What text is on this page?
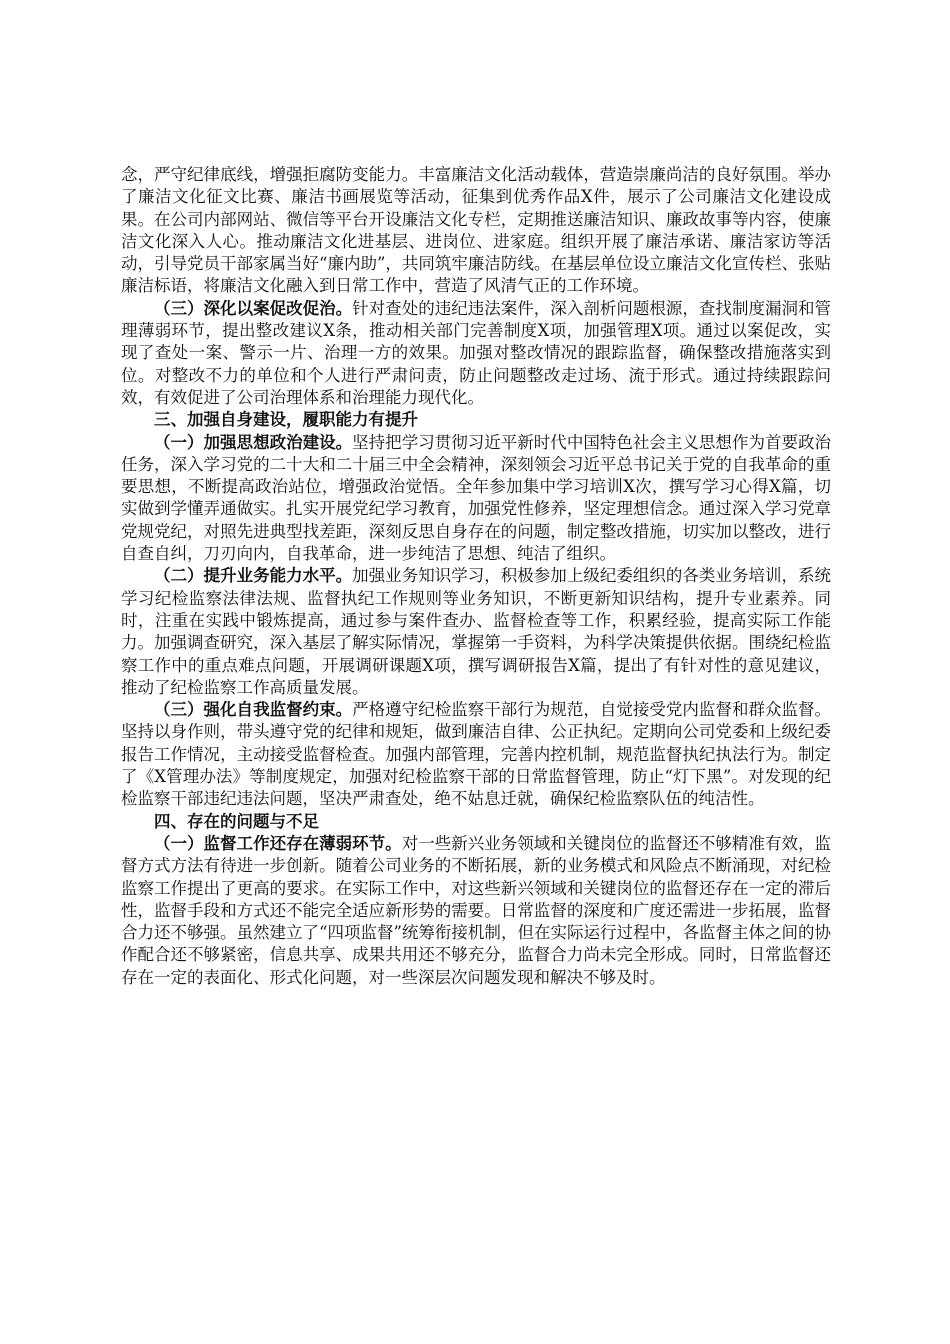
念，严守纪律底线，增强拒腐防变能力。丰富廉洁文化活动载体，营造崇廉尚洁的良好氛围。举办了廉洁文化征文比赛、廉洁书画展览等活动，征集到优秀作品X件，展示了公司廉洁文化建设成果。在公司内部网站、微信等平台开设廉洁文化专栏，定期推送廉洁知识、廉政故事等内容，使廉洁文化深入人心。推动廉洁文化进基层、进岗位、进家庭。组织开展了廉洁承诺、廉洁家访等活动，引导党员干部家属当好“廉内助”，共同筑牢廉洁防线。在基层单位设立廉洁文化宣传栏、张贴廉洁标语，将廉洁文化融入到日常工作中，营造了风清气正的工作环境。

（三）深化以案促改促治。针对查处的违纪违法案件，深入剖析问题根源，查找制度漏洞和管理薄弱环节，提出整改建议X条，推动相关部门完善制度X项，加强管理X项。通过以案促改，实现了查处一案、警示一片、治理一方的效果。加强对整改情况的跟踪监督，确保整改措施落实到位。对整改不力的单位和个人进行严肃问责，防止问题整改走过场、流于形式。通过持续跟踪问效，有效促进了公司治理体系和治理能力现代化。

三、加强自身建设，履职能力有提升

（一）加强思想政治建设。坚持把学习贯彻习近平新时代中国特色社会主义思想作为首要政治任务，深入学习党的二十大和二十届三中全会精神，深刻领会习近平总书记关于党的自我革命的重要思想，不断提高政治站位，增强政治觉悟。全年参加集中学习培训X次，撰写学习心得X篇，切实做到学懂弄通做实。扎实开展党纪学习教育，加强党性修养，坚定理想信念。通过深入学习党章党规党纪，对照先进典型找差距，深刻反思自身存在的问题，制定整改措施，切实加以整改，进行自查自纠，刀刃向内，自我革命，进一步纯洁了思想、纯洁了组织。

（二）提升业务能力水平。加强业务知识学习，积极参加上级纪委组织的各类业务培训，系统学习纪检监察法律法规、监督执纪工作规则等业务知识，不断更新知识结构，提升专业素养。同时，注重在实践中锻炼提高，通过参与案件查办、监督检查等工作，积累经验，提高实际工作能力。加强调查研究，深入基层了解实际情况，掌握第一手资料，为科学决策提供依据。围绕纪检监察工作中的重点难点问题，开展调研课题X项，撰写调研报告X篇，提出了有针对性的意见建议，推动了纪检监察工作高质量发展。

（三）强化自我监督约束。严格遵守纪检监察干部行为规范，自觉接受党内监督和群众监督。坚持以身作则，带头遵守党的纪律和规矩，做到廉洁自律、公正执纪。定期向公司党委和上级纪委报告工作情况，主动接受监督检查。加强内部管理，完善内控机制，规范监督执纪执法行为。制定了《X管理办法》等制度规定，加强对纪检监察干部的日常监督管理，防止“灯下黑”。对发现的纪检监察干部违纪违法问题，坚决严肃查处，绝不姑息迁就，确保纪检监察队伍的纯洁性。

四、存在的问题与不足

（一）监督工作还存在薄弱环节。对一些新兴业务领域和关键岗位的监督还不够精准有效，监督方式方法有待进一步创新。随着公司业务的不断拓展，新的业务模式和风险点不断涌现，对纪检监察工作提出了更高的要求。在实际工作中，对这些新兴领域和关键岗位的监督还存在一定的滞后性，监督手段和方式还不能完全适应新形势的需要。日常监督的深度和广度还需进一步拓展，监督合力还不够强。虽然建立了“四项监督”统筹衔接机制，但在实际运行过程中，各监督主体之间的协作配合还不够紧密，信息共享、成果共用还不够充分，监督合力尚未完全形成。同时，日常监督还存在一定的表面化、形式化问题，对一些深层次问题发现和解决不够及时。
